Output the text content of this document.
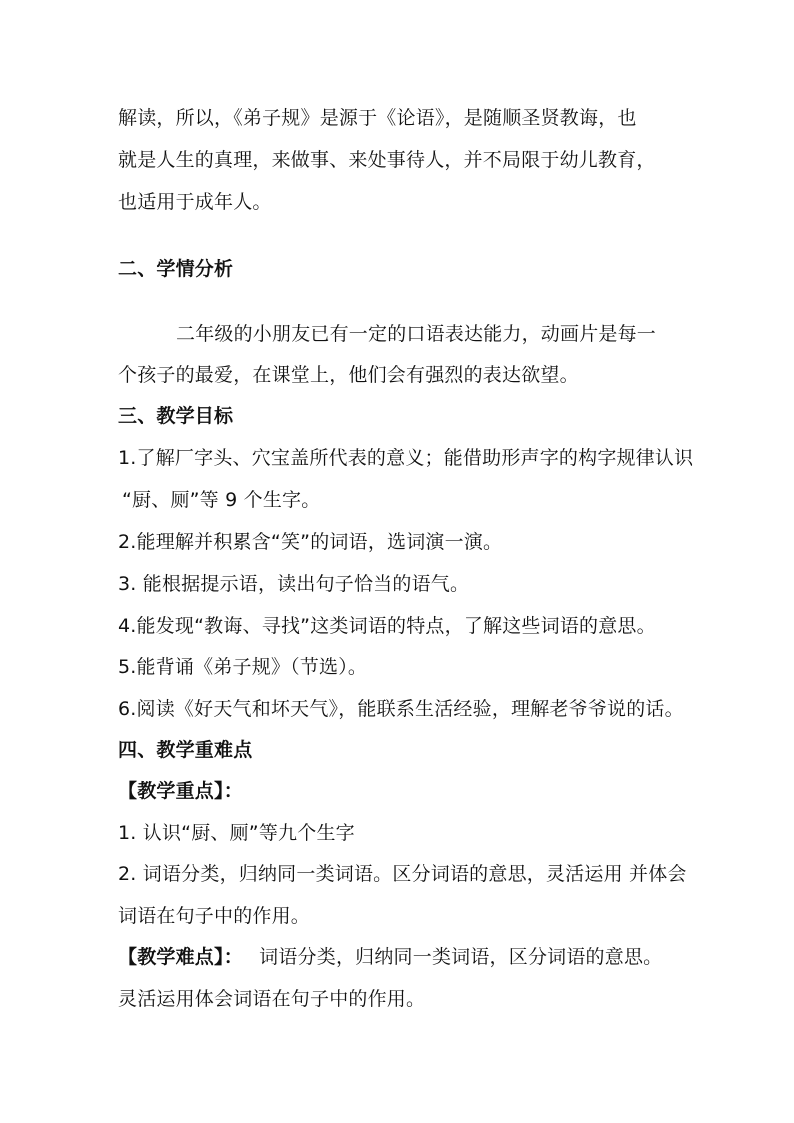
解读，所以，《弟子规》是源于《论语》，是随顺圣贤教诲，也
就是人生的真理，来做事、来处事待人，并不局限于幼儿教育，
也适用于成年人。
二、学情分析
二年级的小朋友已有一定的口语表达能力，动画片是每一
个孩子的最爱，在课堂上，他们会有强烈的表达欲望。
三、教学目标
1.了解厂字头、穴宝盖所代表的意义；能借助形声字的构字规律认识
“厨、厕”等 9 个生字。
2.能理解并积累含“笑”的词语，选词演一演。
3. 能根据提示语，读出句子恰当的语气。
4.能发现“教诲、寻找”这类词语的特点，了解这些词语的意思。
5.能背诵《弟子规》（节选）。
6.阅读《好天气和坏天气》，能联系生活经验，理解老爷爷说的话。
四、教学重难点
【教学重点】：
1. 认识“厨、厕”等九个生字
2. 词语分类，归纳同一类词语。区分词语的意思，灵活运用 并体会
词语在句子中的作用。
【教学难点】： 词语分类，归纳同一类词语，区分词语的意思。
灵活运用体会词语在句子中的作用。
